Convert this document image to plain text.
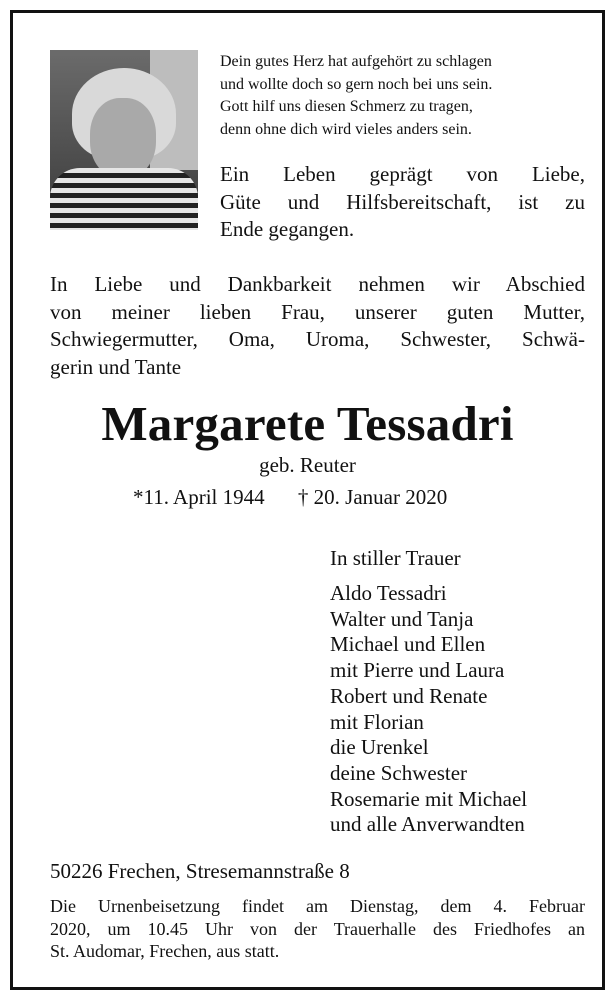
Dein gutes Herz hat aufgehört zu schlagen
und wollte doch so gern noch bei uns sein.
Gott hilf uns diesen Schmerz zu tragen,
denn ohne dich wird vieles anders sein.
Ein Leben geprägt von Liebe,
Güte und Hilfsbereitschaft, ist zu
Ende gegangen.
In Liebe und Dankbarkeit nehmen wir Abschied
von meiner lieben Frau, unserer guten Mutter,
Schwiegermutter, Oma, Uroma, Schwester, Schwä-
gerin und Tante
Margarete Tessadri
geb. Reuter
*11. April 1944 † 20. Januar 2020
In stiller Trauer
Aldo Tessadri
Walter und Tanja
Michael und Ellen
mit Pierre und Laura
Robert und Renate
mit Florian
die Urenkel
deine Schwester
Rosemarie mit Michael
und alle Anverwandten
50226 Frechen, Stresemannstraße 8
Die Urnenbeisetzung findet am Dienstag, dem 4. Februar
2020, um 10.45 Uhr von der Trauerhalle des Friedhofes an
St. Audomar, Frechen, aus statt.
